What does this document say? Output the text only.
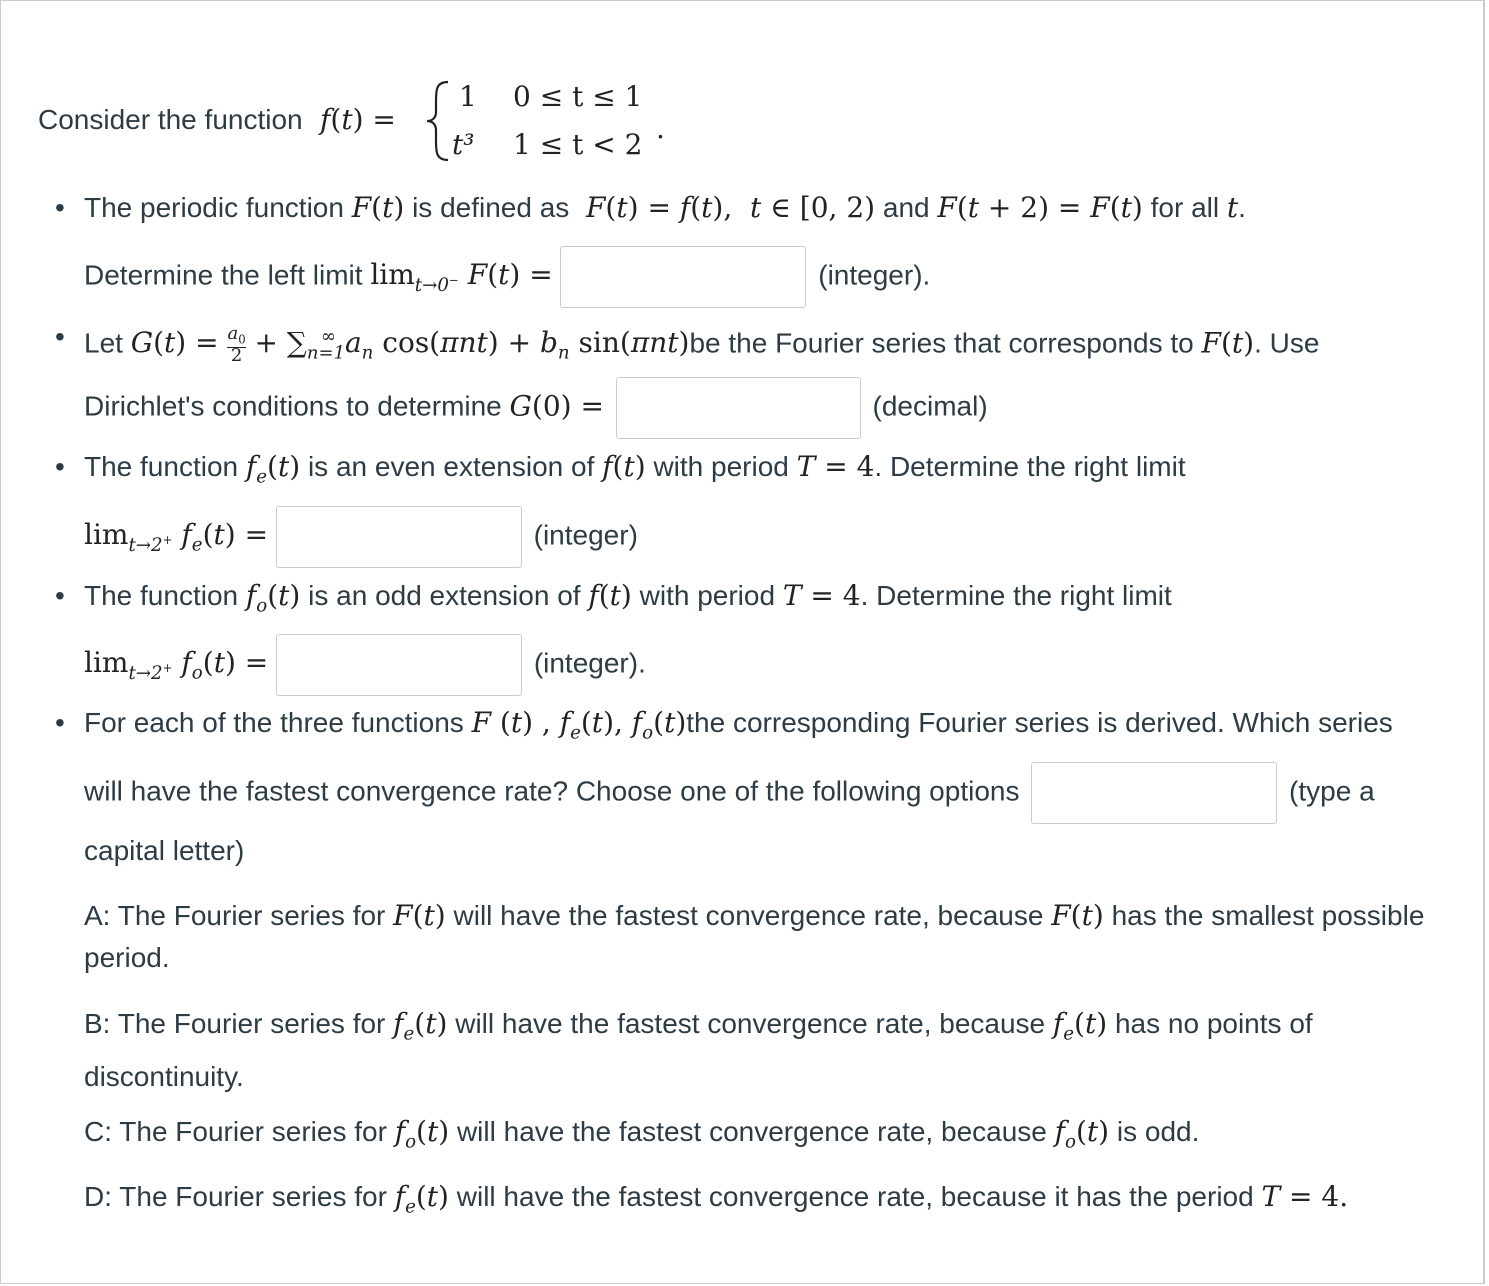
Consider the function f(t) =
1 0 ≤ t ≤ 1
t³ 1 ≤ t < 2 .
• The periodic function F(t) is defined as F(t) = f(t),  t ∈ [0, 2) and F(t + 2) = F(t) for all t.
Determine the left limit $\lim_{t\to 0^-} F(t)$ =	(integer).
• Let $G(t) = a_0$

$2 + \sum_{n=1}^\infty$ $a_n$ $\cos(\pi nt) + b_n$ sin(πnt)be the Fourier series that corresponds to F(t). Use
Dirichlet's conditions to determine G(0) =	(decimal)
• The function $f_e(t)$ is an even extension of f(t) with period T = 4. Determine the right limit
$\lim_{t\to 2^+} f_e(t)$ =	(integer)
• The function $f_o(t)$ is an odd extension of f(t) with period T = 4. Determine the right limit
$\lim_{t\to 2^+} f_o(t)$ =	(integer).
• For each of the three functions F (t) , $f_e(t)$, $f_o(t)the$ corresponding Fourier series is derived. Which series
will have the fastest convergence rate? Choose one of the following options	(type a
capital letter)
A: The Fourier series for F(t) will have the fastest convergence rate, because F(t) has the smallest possible
period.
B: The Fourier series for $f_e(t)$ will have the fastest convergence rate, because $f_e(t)$ has no points of
discontinuity.
C: The Fourier series for $f_o(t)$ will have the fastest convergence rate, because $f_o(t)$ is odd.
D: The Fourier series for $f_e(t)$ will have the fastest convergence rate, because it has the period T = 4.
